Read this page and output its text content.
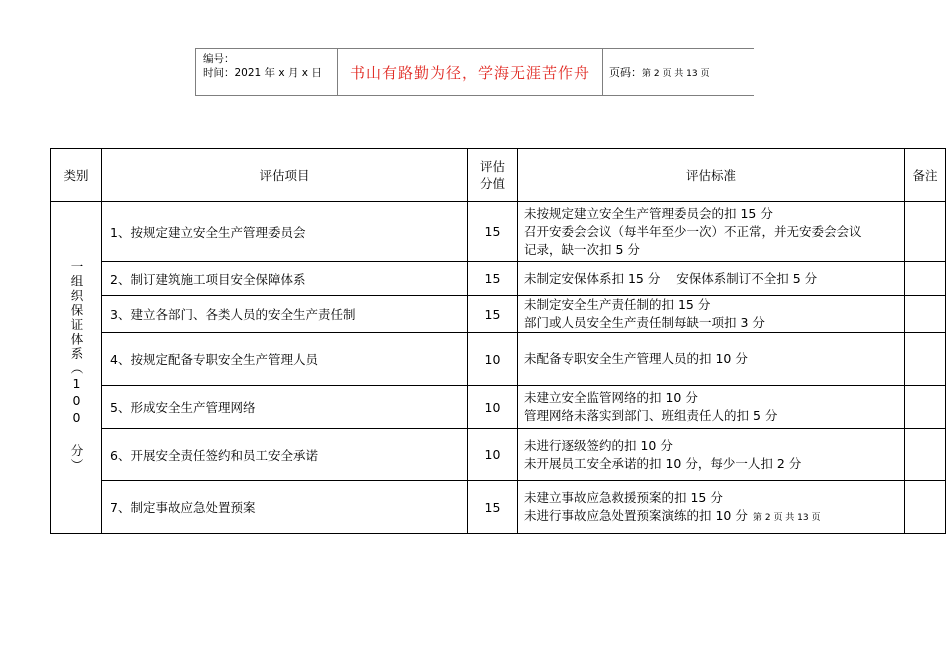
编号：
时间：2021 年 x 月 x 日	书山有路勤为径，学海无涯苦作舟	页码： 第 2 页 共 13 页
类别	评估项目	评估分值	评估标准	备注
一组织保证体系（100 分）	1、按规定建立安全生产管理委员会	15	未按规定建立安全生产管理委员会的扣 15 分
召开安委会会议（每半年至少一次）不正常，并无安委会会议
记录，缺一次扣 5 分	

	2、制订建筑施工项目安全保障体系	15	未制定安保体系扣 15 分    安保体系制订不全扣 5 分	

	3、建立各部门、各类人员的安全生产责任制	15	未制定安全生产责任制的扣 15 分
部门或人员安全生产责任制每缺一项扣 3 分	

	4、按规定配备专职安全生产管理人员	10	未配备专职安全生产管理人员的扣 10 分	

	5、形成安全生产管理网络	10	未建立安全监管网络的扣 10 分
管理网络未落实到部门、班组责任人的扣 5 分	

	6、开展安全责任签约和员工安全承诺	10	未进行逐级签约的扣 10 分
未开展员工安全承诺的扣 10 分，每少一人扣 2 分	

	7、制定事故应急处置预案	15	未建立事故应急救援预案的扣 15 分
未进行事故应急处置预案演练的扣 10 分 第 2 页 共 13 页	
